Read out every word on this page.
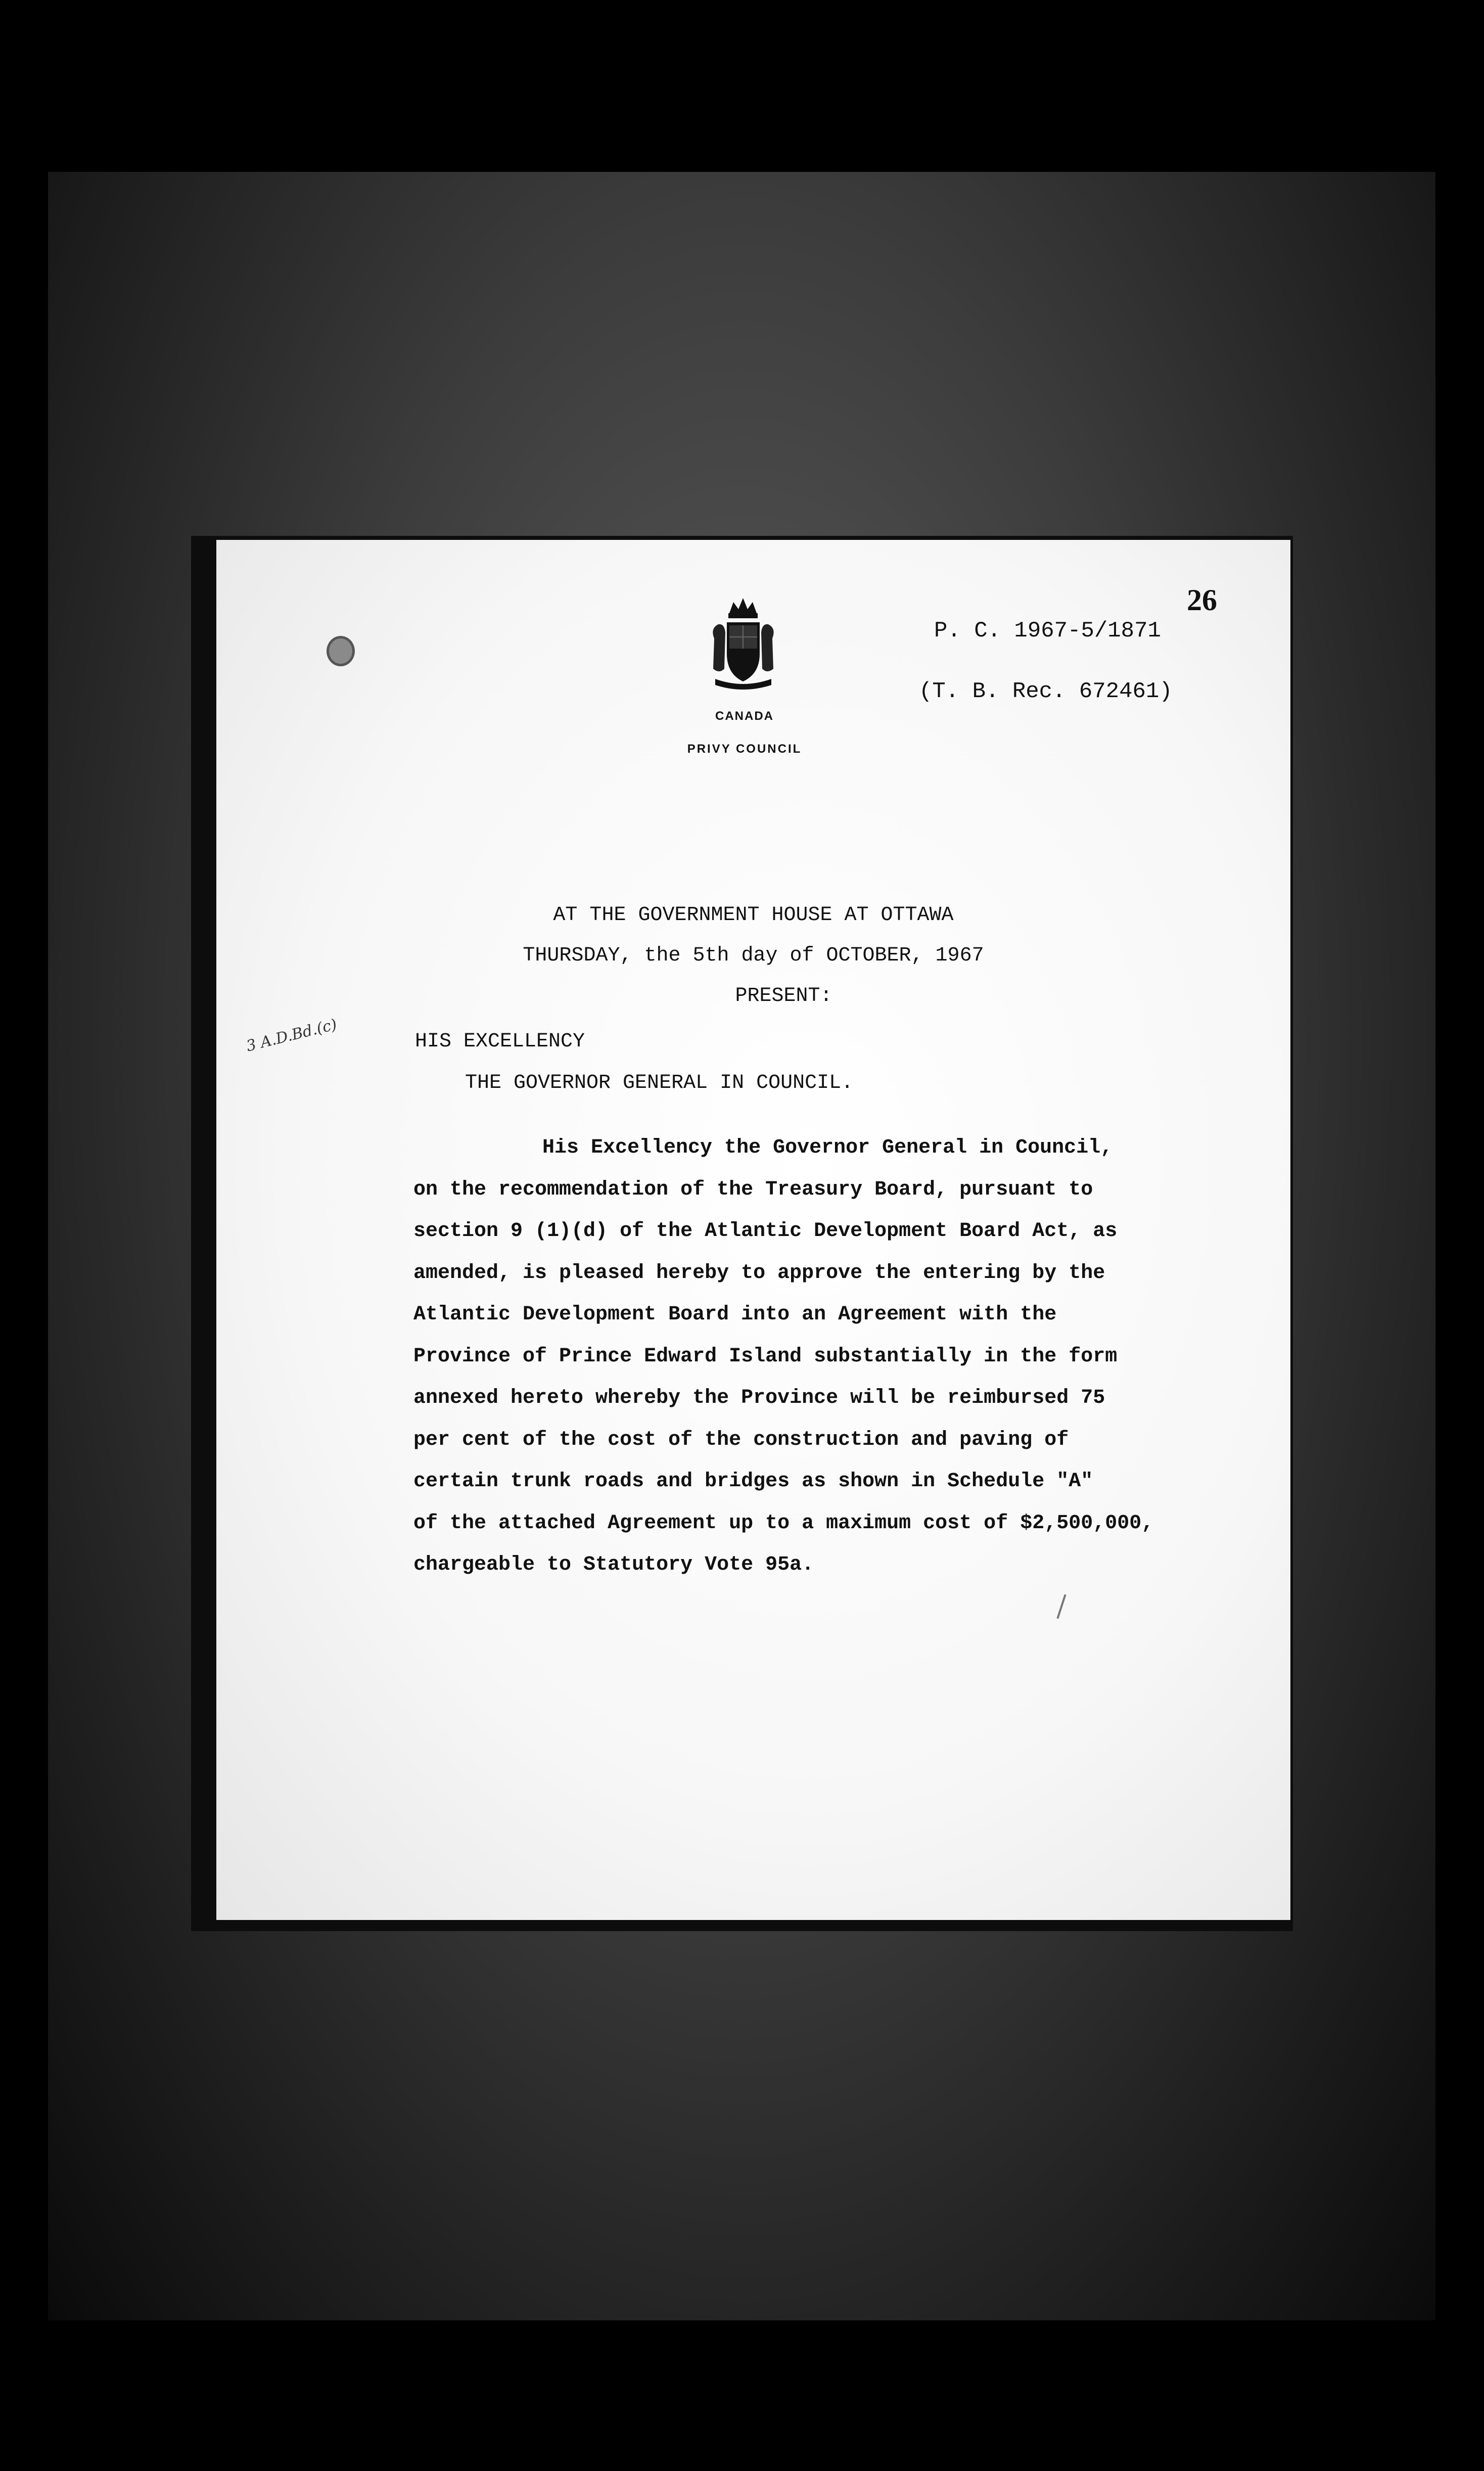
26
CANADA
PRIVY COUNCIL
P. C. 1967-5/1871
(T. B. Rec. 672461)
AT THE GOVERNMENT HOUSE AT OTTAWA
THURSDAY, the 5th day of OCTOBER, 1967
PRESENT:
3 A.D.Bd.(c)	HIS EXCELLENCY
THE GOVERNOR GENERAL IN COUNCIL.
His Excellency the Governor General in Council,
on the recommendation of the Treasury Board, pursuant to
section 9 (1)(d) of the Atlantic Development Board Act, as
amended, is pleased hereby to approve the entering by the
Atlantic Development Board into an Agreement with the
Province of Prince Edward Island substantially in the form
annexed hereto whereby the Province will be reimbursed 75
per cent of the cost of the construction and paving of
certain trunk roads and bridges as shown in Schedule "A"
of the attached Agreement up to a maximum cost of $2,500,000,
chargeable to Statutory Vote 95a.
